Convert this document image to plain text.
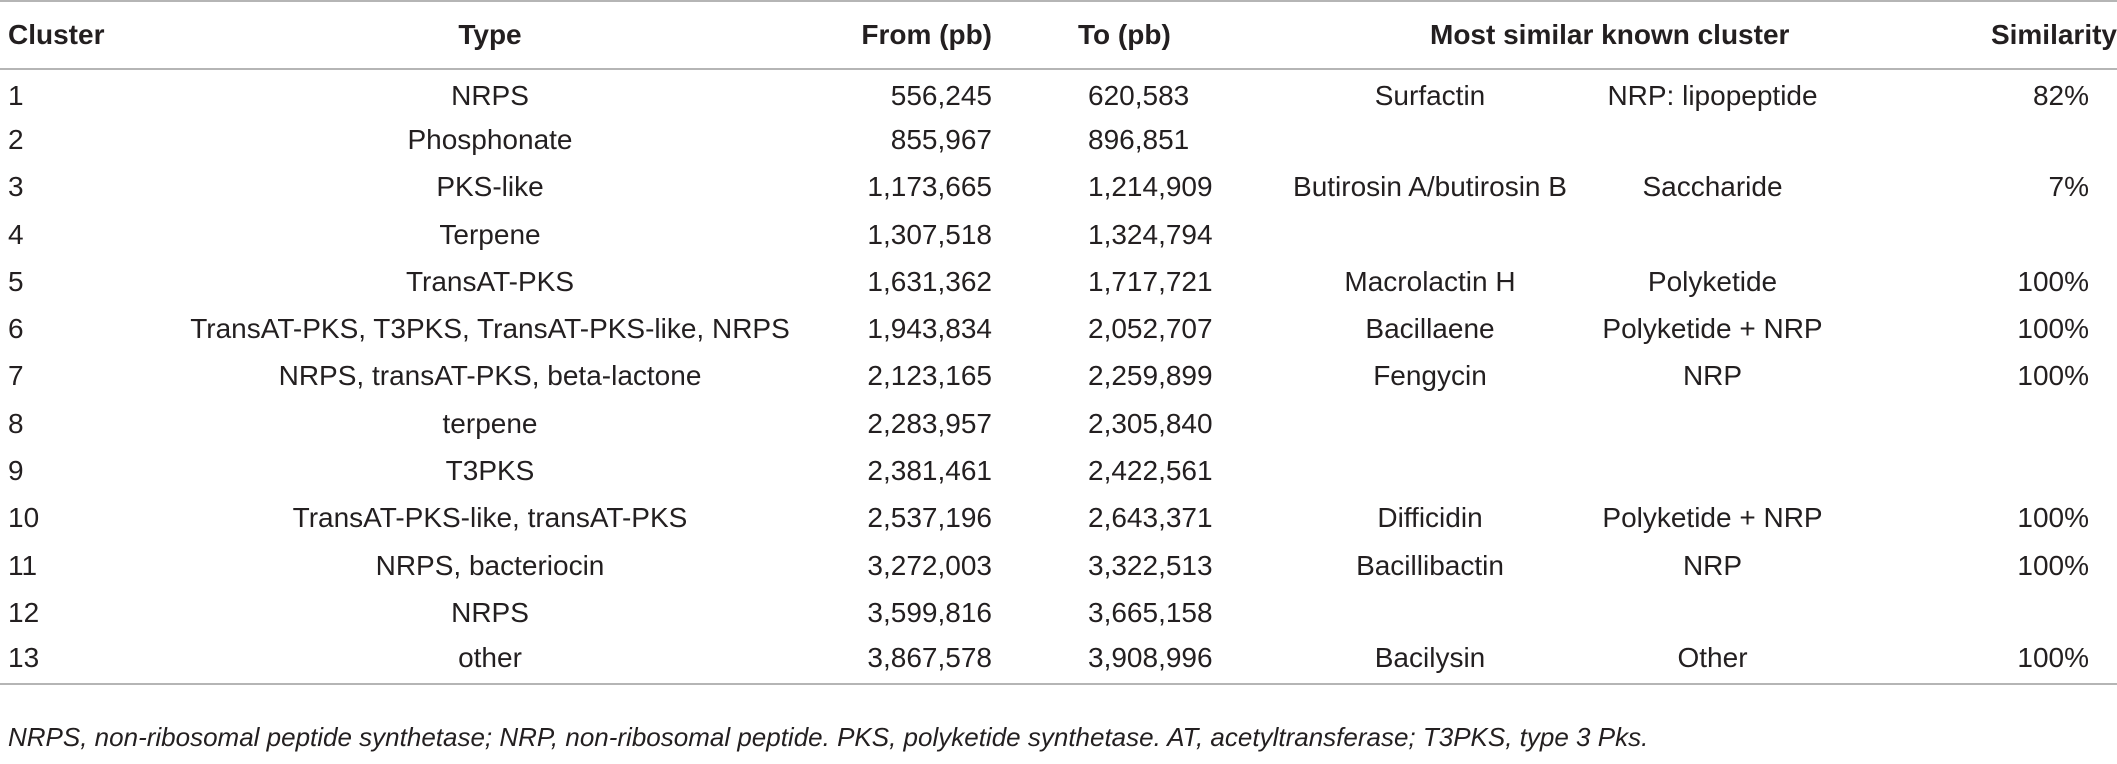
Cluster	Type	From (pb)	To (pb)	Most similar known cluster		Similarity
1	NRPS	556,245	620,583	Surfactin	NRP: lipopeptide	82%
2	Phosphonate	855,967	896,851			
3	PKS-like	1,173,665	1,214,909	Butirosin A/butirosin B	Saccharide	7%
4	Terpene	1,307,518	1,324,794			
5	TransAT-PKS	1,631,362	1,717,721	Macrolactin H	Polyketide	100%
6	TransAT-PKS, T3PKS, TransAT-PKS-like, NRPS	1,943,834	2,052,707	Bacillaene	Polyketide + NRP	100%
7	NRPS, transAT-PKS, beta-lactone	2,123,165	2,259,899	Fengycin	NRP	100%
8	terpene	2,283,957	2,305,840			
9	T3PKS	2,381,461	2,422,561			
10	TransAT-PKS-like, transAT-PKS	2,537,196	2,643,371	Difficidin	Polyketide + NRP	100%
11	NRPS, bacteriocin	3,272,003	3,322,513	Bacillibactin	NRP	100%
12	NRPS	3,599,816	3,665,158			
13	other	3,867,578	3,908,996	Bacilysin	Other	100%
NRPS, non-ribosomal peptide synthetase; NRP, non-ribosomal peptide. PKS, polyketide synthetase. AT, acetyltransferase; T3PKS, type 3 Pks.
